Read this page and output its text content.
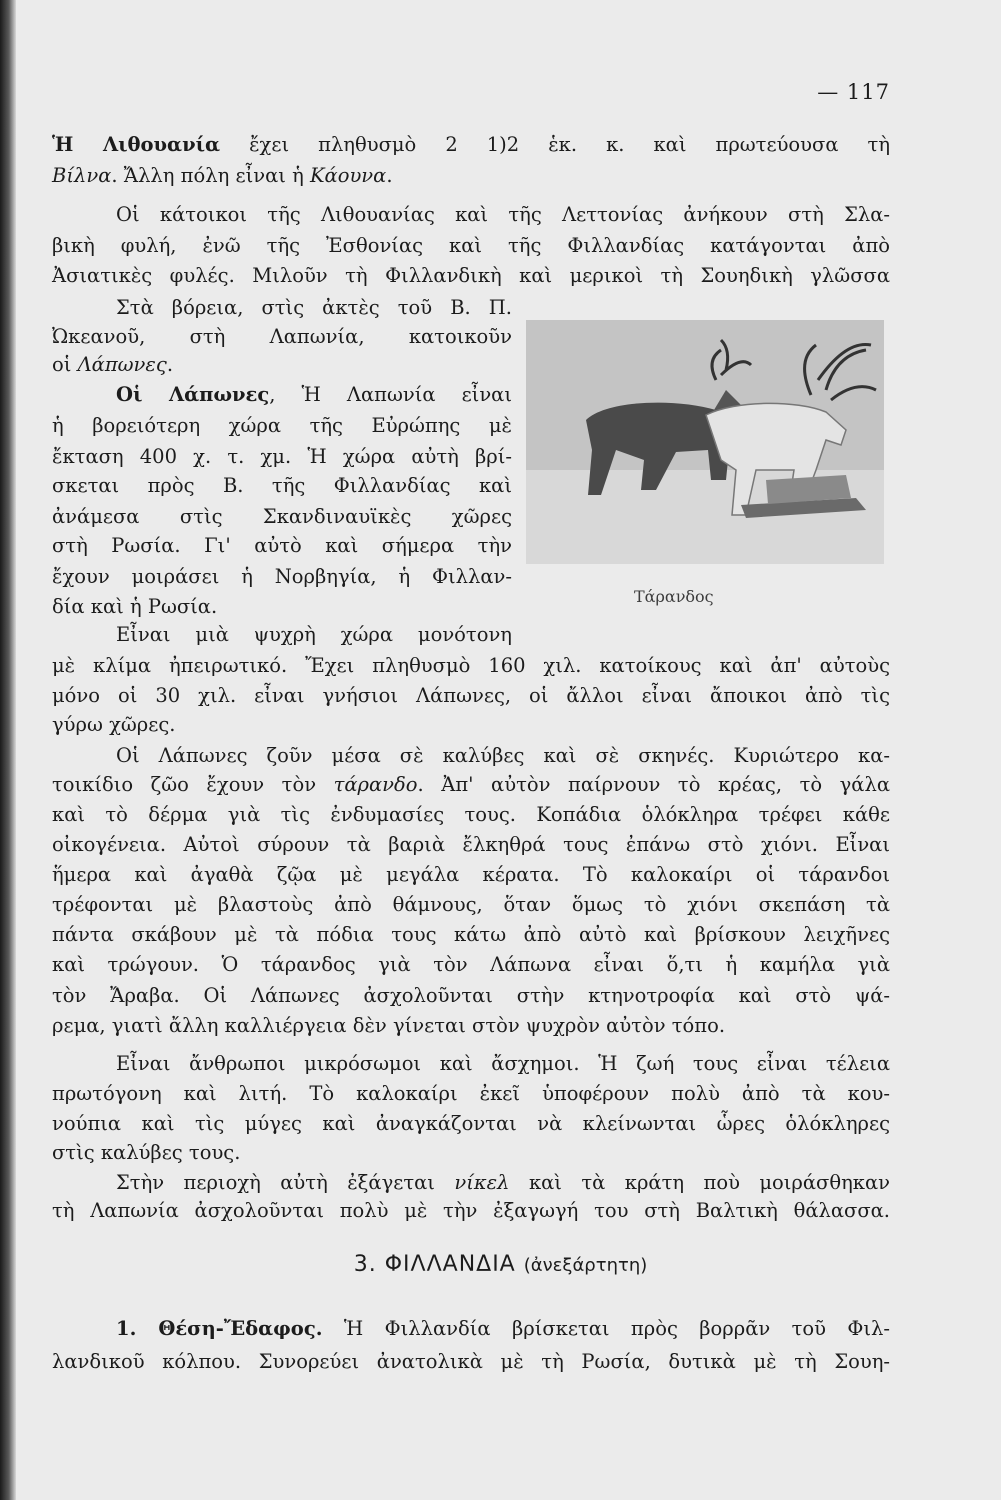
— 117
Ἡ Λιθουανία ἔχει πληθυσμὸ 2 1)2 ἑκ. κ. καὶ πρωτεύουσα τὴ
Βίλνα. Ἄλλη πόλη εἶναι ἡ Κάουνα.
Οἱ κάτοικοι τῆς Λιθουανίας καὶ τῆς Λεττονίας ἀνήκουν στὴ Σλα-
βικὴ φυλή, ἐνῶ τῆς Ἐσθονίας καὶ τῆς Φιλλανδίας κατάγονται ἀπὸ
Ἀσιατικὲς φυλές. Μιλοῦν τὴ Φιλλανδικὴ καὶ μερικοὶ τὴ Σουηδικὴ γλῶσσα
Στὰ βόρεια, στὶς ἀκτὲς τοῦ Β. Π.
Ὠκεανοῦ, στὴ Λαπωνία, κατοικοῦν
οἱ Λάπωνες.
Οἱ Λάπωνες, Ἡ Λαπωνία εἶναι
ἡ βορειότερη χώρα τῆς Εὐρώπης μὲ
ἔκταση 400 χ. τ. χμ. Ἡ χώρα αὐτὴ βρί-
σκεται πρὸς Β. τῆς Φιλλανδίας καὶ
ἀνάμεσα στὶς Σκανδιναυϊκὲς χῶρες
στὴ Ρωσία. Γι' αὐτὸ καὶ σήμερα τὴν
ἔχουν μοιράσει ἡ Νορβηγία, ἡ Φιλλαν-
δία καὶ ἡ Ρωσία.
Εἶναι μιὰ ψυχρὴ χώρα μονότονη
μὲ κλίμα ἠπειρωτικό. Ἔχει πληθυσμὸ 160 χιλ. κατοίκους καὶ ἀπ' αὐτοὺς
μόνο οἱ 30 χιλ. εἶναι γνήσιοι Λάπωνες, οἱ ἄλλοι εἶναι ἄποικοι ἀπὸ τὶς
γύρω χῶρες.
Οἱ Λάπωνες ζοῦν μέσα σὲ καλύβες καὶ σὲ σκηνές. Κυριώτερο κα-
τοικίδιο ζῶο ἔχουν τὸν τάρανδο. Ἀπ' αὐτὸν παίρνουν τὸ κρέας, τὸ γάλα
καὶ τὸ δέρμα γιὰ τὶς ἐνδυμασίες τους. Κοπάδια ὁλόκληρα τρέφει κάθε
οἰκογένεια. Αὐτοὶ σύρουν τὰ βαριὰ ἔλκηθρά τους ἐπάνω στὸ χιόνι. Εἶναι
ἥμερα καὶ ἀγαθὰ ζῷα μὲ μεγάλα κέρατα. Τὸ καλοκαίρι οἱ τάρανδοι
τρέφονται μὲ βλαστοὺς ἀπὸ θάμνους, ὅταν ὅμως τὸ χιόνι σκεπάση τὰ
πάντα σκάβουν μὲ τὰ πόδια τους κάτω ἀπὸ αὐτὸ καὶ βρίσκουν λειχῆνες
καὶ τρώγουν. Ὁ τάρανδος γιὰ τὸν Λάπωνα εἶναι ὅ,τι ἡ καμήλα γιὰ
τὸν Ἄραβα. Οἱ Λάπωνες ἀσχολοῦνται στὴν κτηνοτροφία καὶ στὸ ψά-
ρεμα, γιατὶ ἄλλη καλλιέργεια δὲν γίνεται στὸν ψυχρὸν αὐτὸν τόπο.
Εἶναι ἄνθρωποι μικρόσωμοι καὶ ἄσχημοι. Ἡ ζωή τους εἶναι τέλεια
πρωτόγονη καὶ λιτή. Τὸ καλοκαίρι ἐκεῖ ὑποφέρουν πολὺ ἀπὸ τὰ κου-
νούπια καὶ τὶς μύγες καὶ ἀναγκάζονται νὰ κλείνωνται ὧρες ὁλόκληρες
στὶς καλύβες τους.
Στὴν περιοχὴ αὐτὴ ἐξάγεται νίκελ καὶ τὰ κράτη ποὺ μοιράσθηκαν
τὴ Λαπωνία ἀσχολοῦνται πολὺ μὲ τὴν ἐξαγωγή του στὴ Βαλτικὴ θάλασσα.
1. Θέση-Ἔδαφος. Ἡ Φιλλανδία βρίσκεται πρὸς βορρᾶν τοῦ Φιλ-
λανδικοῦ κόλπου. Συνορεύει ἀνατολικὰ μὲ τὴ Ρωσία, δυτικὰ μὲ τὴ Σουη-
Τάρανδος
3. ΦΙΛΛΑΝΔΙΑ (ἀνεξάρτητη)
